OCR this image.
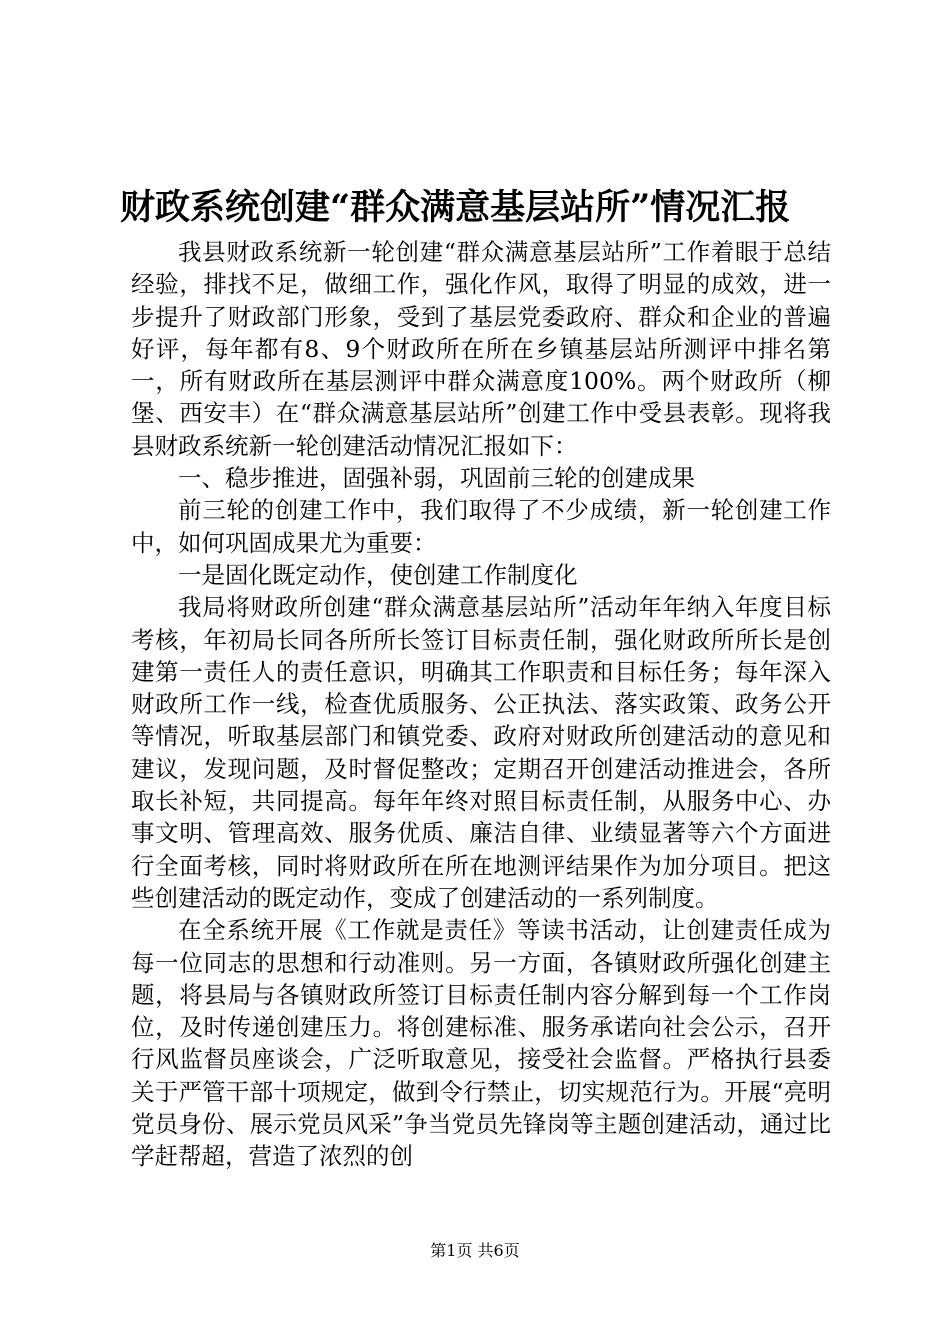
财政系统创建“群众满意基层站所”情况汇报

我县财政系统新一轮创建“群众满意基层站所”工作着眼于总结经验，排找不足，做细工作，强化作风，取得了明显的成效，进一步提升了财政部门形象，受到了基层党委政府、群众和企业的普遍好评，每年都有8、9个财政所在所在乡镇基层站所测评中排名第一，所有财政所在基层测评中群众满意度100%。两个财政所（柳堡、西安丰）在“群众满意基层站所”创建工作中受县表彰。现将我县财政系统新一轮创建活动情况汇报如下：

一、稳步推进，固强补弱，巩固前三轮的创建成果

前三轮的创建工作中，我们取得了不少成绩，新一轮创建工作中，如何巩固成果尤为重要：

一是固化既定动作，使创建工作制度化

我局将财政所创建“群众满意基层站所”活动年年纳入年度目标考核，年初局长同各所所长签订目标责任制，强化财政所所长是创建第一责任人的责任意识，明确其工作职责和目标任务；每年深入财政所工作一线，检查优质服务、公正执法、落实政策、政务公开等情况，听取基层部门和镇党委、政府对财政所创建活动的意见和建议，发现问题，及时督促整改；定期召开创建活动推进会，各所取长补短，共同提高。每年年终对照目标责任制，从服务中心、办事文明、管理高效、服务优质、廉洁自律、业绩显著等六个方面进行全面考核，同时将财政所在所在地测评结果作为加分项目。把这些创建活动的既定动作，变成了创建活动的一系列制度。

在全系统开展《工作就是责任》等读书活动，让创建责任成为每一位同志的思想和行动准则。另一方面，各镇财政所强化创建主题，将县局与各镇财政所签订目标责任制内容分解到每一个工作岗位，及时传递创建压力。将创建标准、服务承诺向社会公示，召开行风监督员座谈会，广泛听取意见，接受社会监督。严格执行县委关于严管干部十项规定，做到令行禁止，切实规范行为。开展“亮明党员身份、展示党员风采”争当党员先锋岗等主题创建活动，通过比学赶帮超，营造了浓烈的创

第1页 共6页
